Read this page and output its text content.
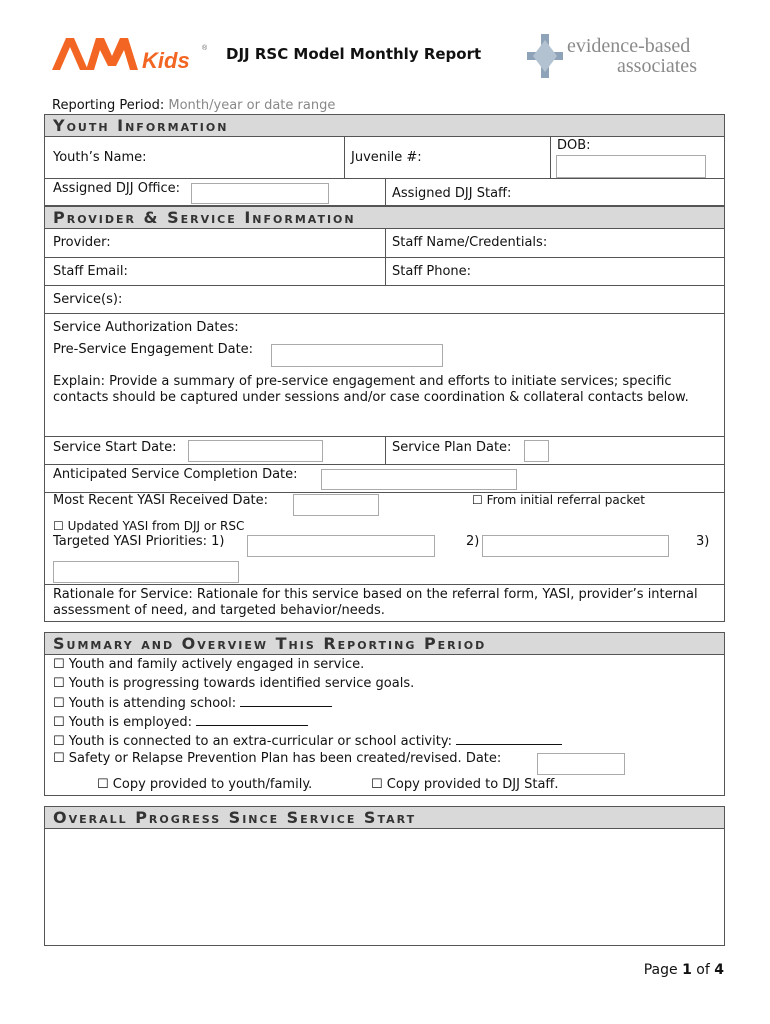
Kids ® DJJ RSC Model Monthly Report	evidence-based
associates
Reporting Period: Month/year or date range
Youth Information
Youth’s Name:	Juvenile #:
DOB:
Assigned DJJ Office:	Assigned DJJ Staff:
Provider & Service Information
Provider:	Staff Name/Credentials:
Staff Email:	Staff Phone:
Service(s):
Service Authorization Dates:
Pre-Service Engagement Date:
Explain: Provide a summary of pre-service engagement and efforts to initiate services; specific contacts should be captured under sessions and/or case coordination & collateral contacts below.
Service Start Date:	Service Plan Date:
Anticipated Service Completion Date:
Most Recent YASI Received Date:	☐ From initial referral packet
☐ Updated YASI from DJJ or RSC
Targeted YASI Priorities: 1)	2)	3)
Rationale for Service: Rationale for this service based on the referral form, YASI, provider’s internal assessment of need, and targeted behavior/needs.
Summary and Overview This Reporting Period
☐ Youth and family actively engaged in service.
☐ Youth is progressing towards identified service goals.
☐ Youth is attending school:
☐ Youth is employed:
☐ Youth is connected to an extra-curricular or school activity:
☐ Safety or Relapse Prevention Plan has been created/revised. Date:
☐ Copy provided to youth/family.	☐ Copy provided to DJJ Staff.
Overall Progress Since Service Start
Page 1 of 4
